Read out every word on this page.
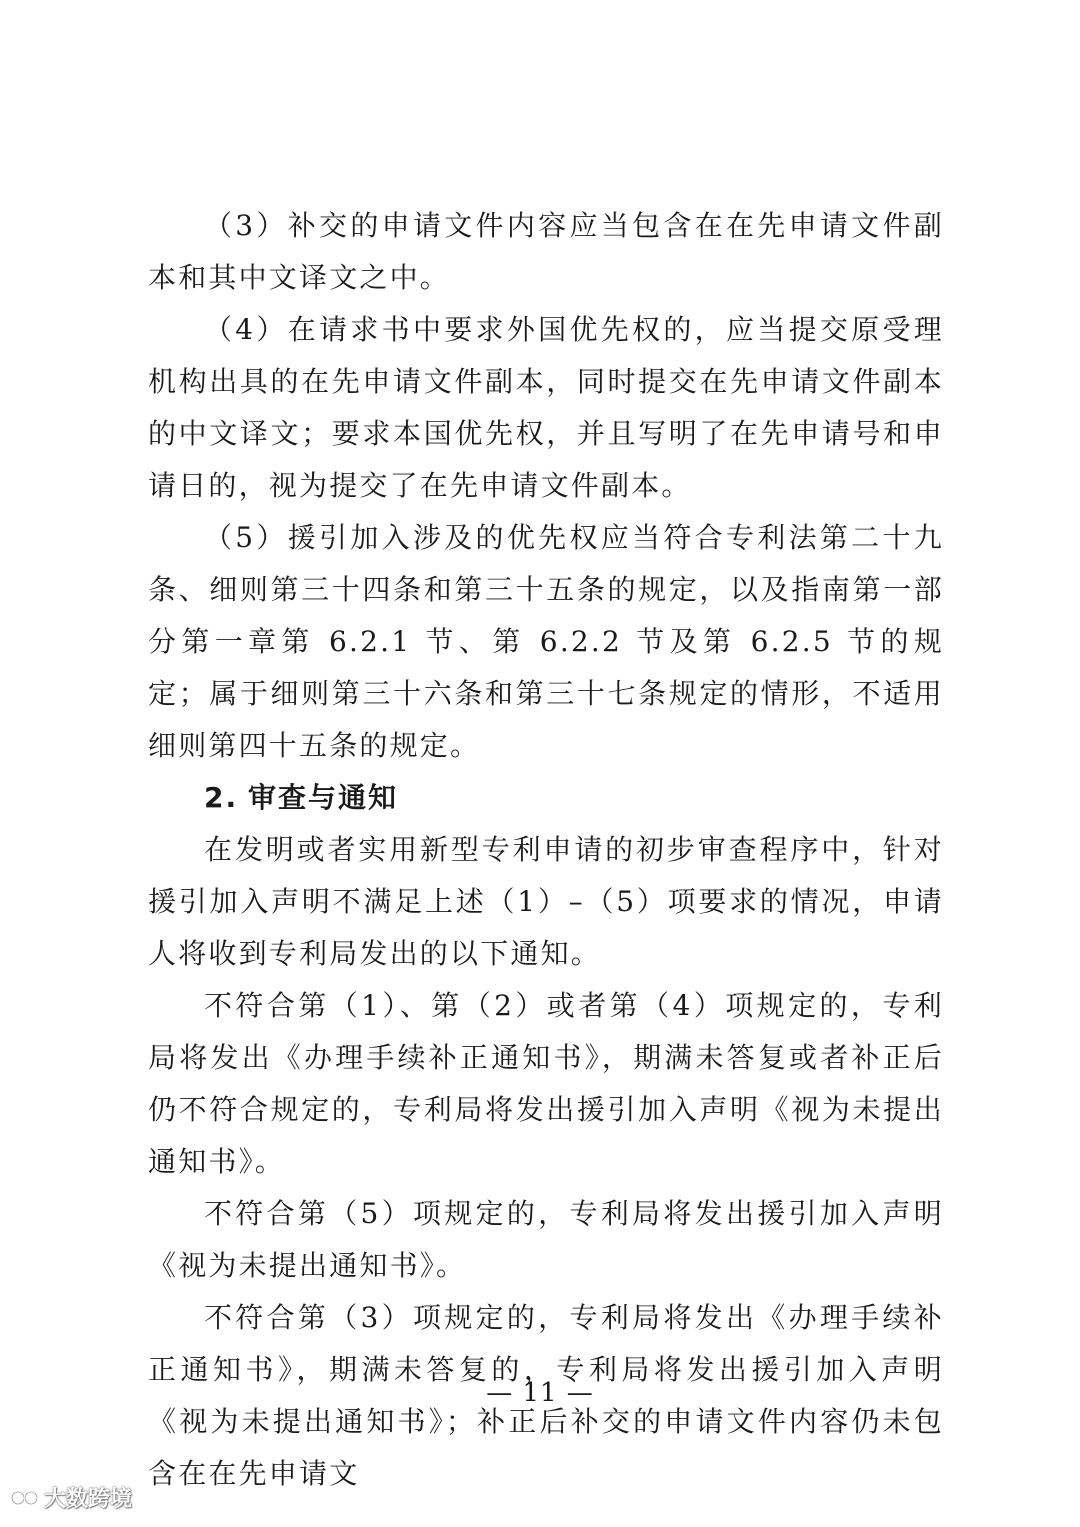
（3）补交的申请文件内容应当包含在在先申请文件副本和其中文译文之中。

（4）在请求书中要求外国优先权的，应当提交原受理机构出具的在先申请文件副本，同时提交在先申请文件副本的中文译文；要求本国优先权，并且写明了在先申请号和申请日的，视为提交了在先申请文件副本。

（5）援引加入涉及的优先权应当符合专利法第二十九条、细则第三十四条和第三十五条的规定，以及指南第一部分第一章第 6.2.1 节、第 6.2.2 节及第 6.2.5 节的规定；属于细则第三十六条和第三十七条规定的情形，不适用细则第四十五条的规定。

2. 审查与通知

在发明或者实用新型专利申请的初步审查程序中，针对援引加入声明不满足上述（1）–（5）项要求的情况，申请人将收到专利局发出的以下通知。

不符合第（1）、第（2）或者第（4）项规定的，专利局将发出《办理手续补正通知书》，期满未答复或者补正后仍不符合规定的，专利局将发出援引加入声明《视为未提出通知书》。

不符合第（5）项规定的，专利局将发出援引加入声明《视为未提出通知书》。

不符合第（3）项规定的，专利局将发出《办理手续补正通知书》，期满未答复的，专利局将发出援引加入声明《视为未提出通知书》；补正后补交的申请文件内容仍未包含在在先申请文

— 11 —
大数跨境
